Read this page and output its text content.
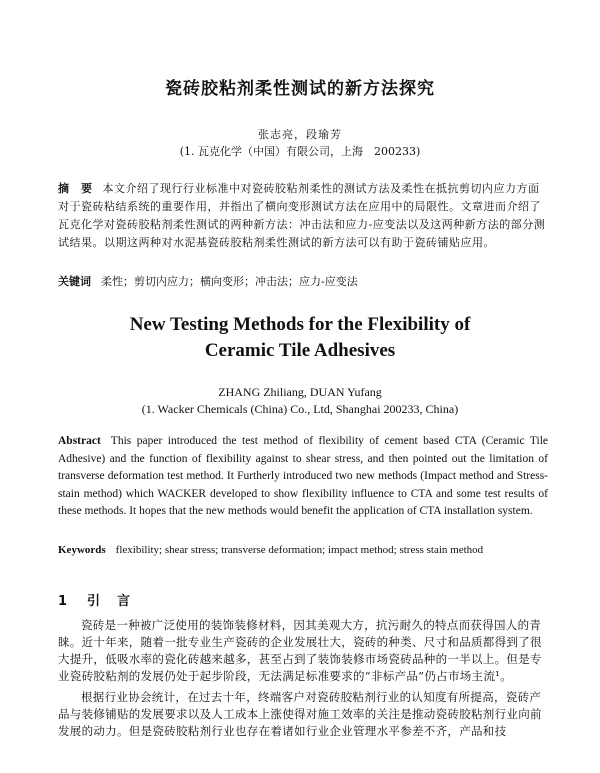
瓷砖胶粘剂柔性测试的新方法探究
张志亮，段瑜芳
(1. 瓦克化学（中国）有限公司，上海　200233)
摘　要 本文介绍了现行行业标准中对瓷砖胶粘剂柔性的测试方法及柔性在抵抗剪切内应力方面对于瓷砖粘结系统的重要作用，并指出了横向变形测试方法在应用中的局限性。文章进而介绍了瓦克化学对瓷砖胶粘剂柔性测试的两种新方法：冲击法和应力-应变法以及这两种新方法的部分测试结果。以期这两种对水泥基瓷砖胶粘剂柔性测试的新方法可以有助于瓷砖铺贴应用。
关键词 柔性；剪切内应力；横向变形；冲击法；应力-应变法
New Testing Methods for the Flexibility of
Ceramic Tile Adhesives
ZHANG Zhiliang, DUAN Yufang
(1. Wacker Chemicals (China) Co., Ltd, Shanghai 200233, China)
Abstract This paper introduced the test method of flexibility of cement based CTA (Ceramic Tile Adhesive) and the function of flexibility against to shear stress, and then pointed out the limitation of transverse deformation test method. It Furtherly introduced two new methods (Impact method and Stress-stain method) which WACKER developed to show flexibility influence to CTA and some test results of these methods. It hopes that the new methods would benefit the application of CTA installation system.
Keywords flexibility; shear stress; transverse deformation; impact method; stress stain method
1 引　言

瓷砖是一种被广泛使用的装饰装修材料，因其美观大方，抗污耐久的特点而获得国人的青睐。近十年来，随着一批专业生产瓷砖的企业发展壮大，瓷砖的种类、尺寸和品质都得到了很大提升，低吸水率的瓷化砖越来越多，甚至占到了装饰装修市场瓷砖品种的一半以上。但是专业瓷砖胶粘剂的发展仍处于起步阶段，无法满足标准要求的“非标产品”仍占市场主流¹。

根据行业协会统计，在过去十年，终端客户对瓷砖胶粘剂行业的认知度有所提高，瓷砖产品与装修铺贴的发展要求以及人工成本上涨使得对施工效率的关注是推动瓷砖胶粘剂行业向前发展的动力。但是瓷砖胶粘剂行业也存在着诸如行业企业管理水平参差不齐，产品和技
